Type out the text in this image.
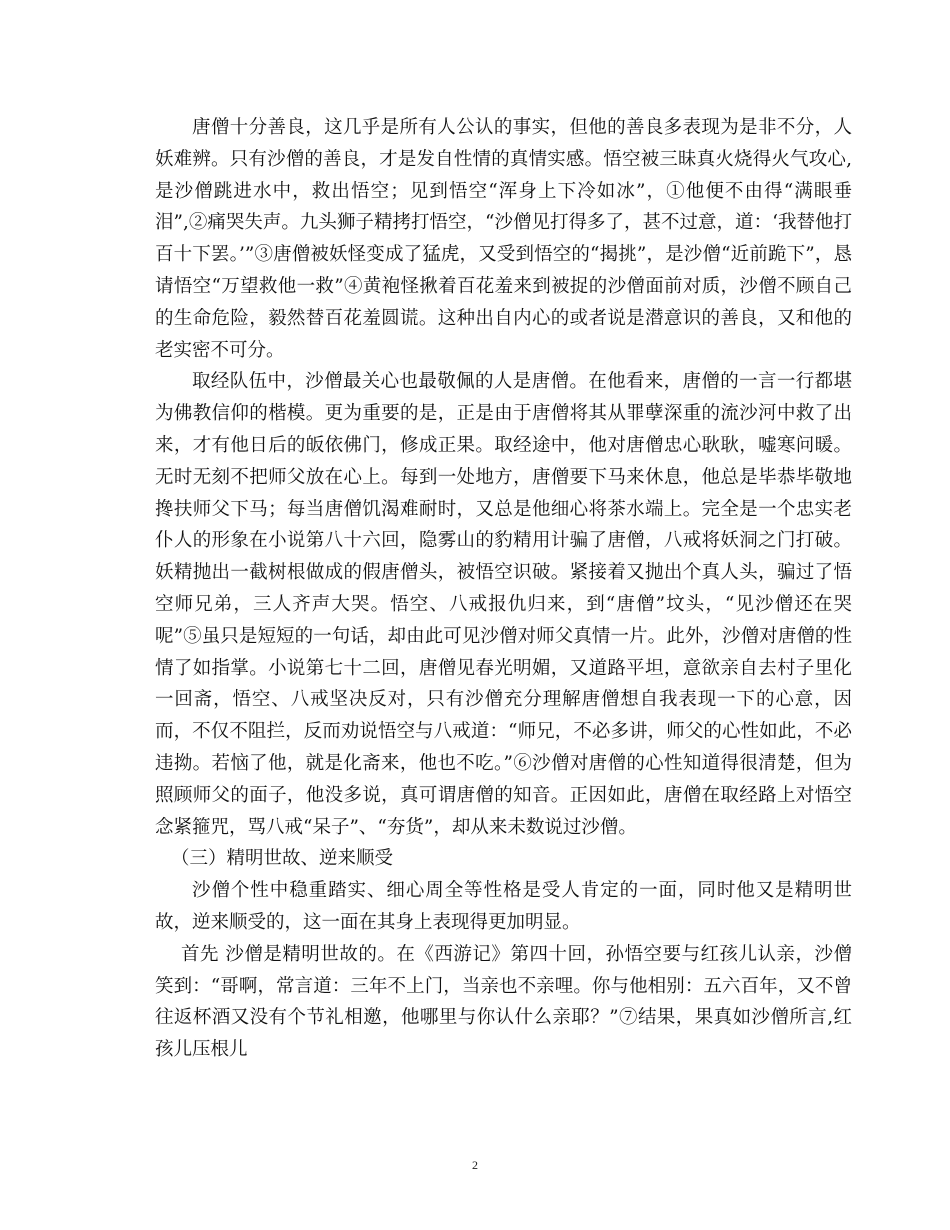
唐僧十分善良，这几乎是所有人公认的事实，但他的善良多表现为是非不分，人妖难辨。只有沙僧的善良，才是发自性情的真情实感。悟空被三昧真火烧得火气攻心,是沙僧跳进水中，救出悟空；见到悟空“浑身上下冷如冰”，①他便不由得“满眼垂泪”,②痛哭失声。九头狮子精拷打悟空，“沙僧见打得多了，甚不过意，道：‘我替他打百十下罢。’”③唐僧被妖怪变成了猛虎，又受到悟空的“揭挑”，是沙僧“近前跪下”，恳请悟空“万望救他一救”④黄袍怪揪着百花羞来到被捉的沙僧面前对质，沙僧不顾自己的生命危险，毅然替百花羞圆谎。这种出自内心的或者说是潜意识的善良，又和他的老实密不可分。

取经队伍中，沙僧最关心也最敬佩的人是唐僧。在他看来，唐僧的一言一行都堪为佛教信仰的楷模。更为重要的是，正是由于唐僧将其从罪孽深重的流沙河中救了出来，才有他日后的皈依佛门，修成正果。取经途中，他对唐僧忠心耿耿，嘘寒问暖。无时无刻不把师父放在心上。每到一处地方，唐僧要下马来休息，他总是毕恭毕敬地搀扶师父下马；每当唐僧饥渴难耐时，又总是他细心将茶水端上。完全是一个忠实老仆人的形象在小说第八十六回，隐雾山的豹精用计骗了唐僧，八戒将妖洞之门打破。妖精抛出一截树根做成的假唐僧头，被悟空识破。紧接着又抛出个真人头，骗过了悟空师兄弟，三人齐声大哭。悟空、八戒报仇归来，到“唐僧”坟头，“见沙僧还在哭呢”⑤虽只是短短的一句话，却由此可见沙僧对师父真情一片。此外，沙僧对唐僧的性情了如指掌。小说第七十二回，唐僧见春光明媚，又道路平坦，意欲亲自去村子里化一回斋，悟空、八戒坚决反对，只有沙僧充分理解唐僧想自我表现一下的心意，因而，不仅不阻拦，反而劝说悟空与八戒道：“师兄，不必多讲，师父的心性如此，不必违拗。若恼了他，就是化斋来，他也不吃。”⑥沙僧对唐僧的心性知道得很清楚，但为照顾师父的面子，他没多说，真可谓唐僧的知音。正因如此，唐僧在取经路上对悟空念紧箍咒，骂八戒“呆子”、“夯货”，却从来未数说过沙僧。

（三）精明世故、逆来顺受

沙僧个性中稳重踏实、细心周全等性格是受人肯定的一面，同时他又是精明世故，逆来顺受的，这一面在其身上表现得更加明显。

首先 沙僧是精明世故的。在《西游记》第四十回，孙悟空要与红孩儿认亲，沙僧笑到：“哥啊，常言道：三年不上门，当亲也不亲哩。你与他相别：五六百年，又不曾往返杯酒又没有个节礼相邀，他哪里与你认什么亲耶？”⑦结果，果真如沙僧所言,红孩儿压根儿

2
